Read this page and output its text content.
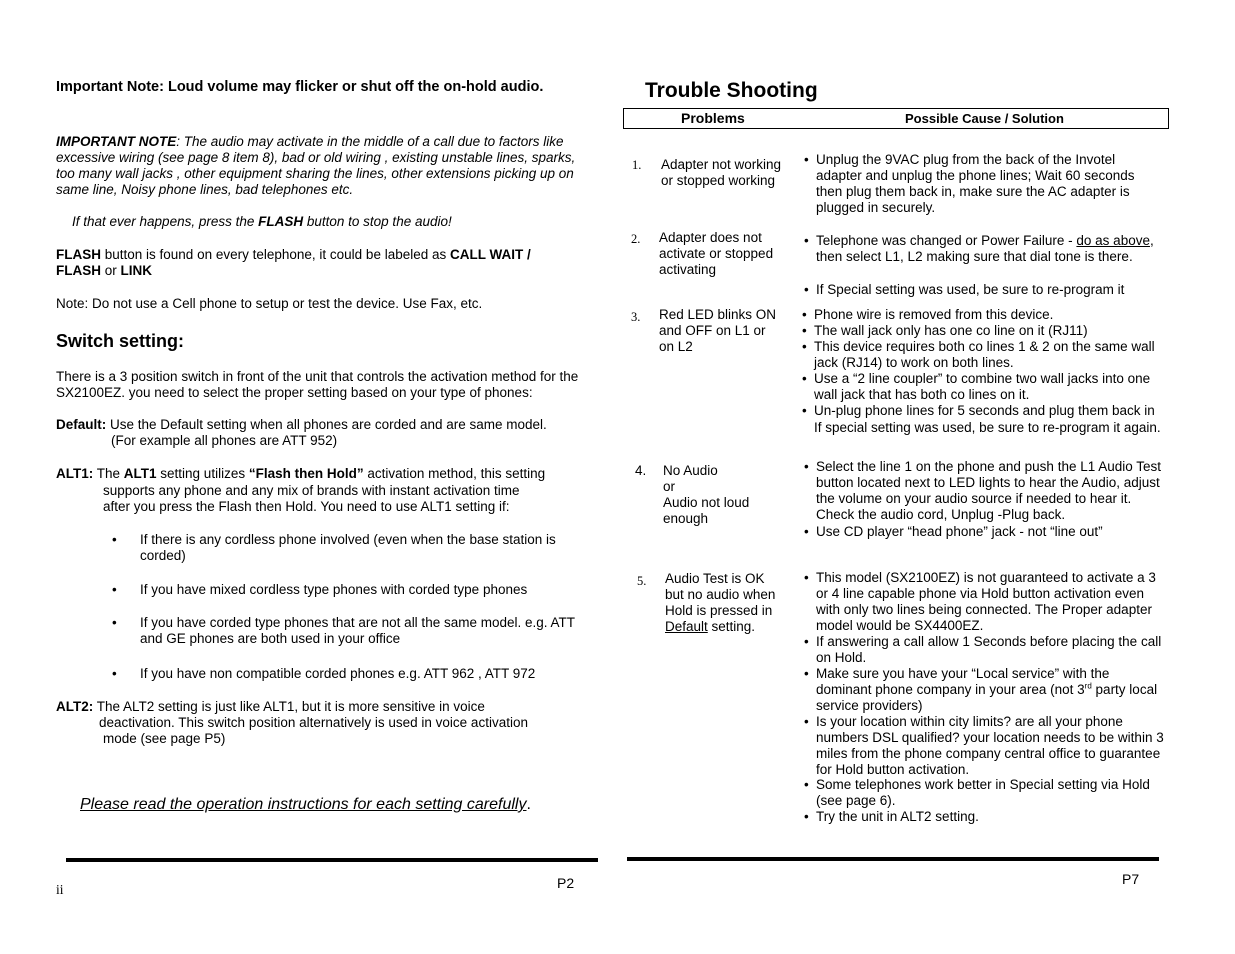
Important Note: Loud volume may flicker or shut off the on-hold audio.
IMPORTANT NOTE: The audio may activate in the middle of a call due to factors like excessive wiring (see page 8 item 8), bad or old wiring , existing unstable lines, sparks, too many wall jacks , other equipment sharing the lines, other extensions picking up on same line, Noisy phone lines, bad telephones etc.
If that ever happens, press the FLASH button to stop the audio!
FLASH button is found on every telephone, it could be labeled as CALL WAIT /
FLASH or LINK
Note: Do not use a Cell phone to setup or test the device. Use Fax, etc.
Switch setting:
There is a 3 position switch in front of the unit that controls the activation method for the SX2100EZ. you need to select the proper setting based on your type of phones:
Default: Use the Default setting when all phones are corded and are same model.
(For example all phones are ATT 952)
ALT1: The ALT1 setting utilizes “Flash then Hold” activation method, this setting
supports any phone and any mix of brands with instant activation time
after you press the Flash then Hold. You need to use ALT1 setting if:
• If there is any cordless phone involved (even when the base station is corded)
• If you have mixed cordless type phones with corded type phones
• If you have corded type phones that are not all the same model. e.g. ATT and GE phones are both used in your office
• If you have non compatible corded phones e.g. ATT 962 , ATT 972
ALT2: The ALT2 setting is just like ALT1, but it is more sensitive in voice
deactivation. This switch position alternatively is used in voice activation
mode (see page P5)
Please read the operation instructions for each setting carefully.
ii	P2
Trouble Shooting
Problems	Possible Cause / Solution
1. Adapter not working
or stopped working
• Unplug the 9VAC plug from the back of the Invotel adapter and unplug the phone lines; Wait 60 seconds then plug them back in, make sure the AC adapter is plugged in securely.
2. Adapter does not
activate or stopped
activating
• Telephone was changed or Power Failure - do as above, then select L1, L2 making sure that dial tone is there.
• If Special setting was used, be sure to re-program it
3. Red LED blinks ON
and OFF on L1 or
on L2
• Phone wire is removed from this device.
• The wall jack only has one co line on it (RJ11)
• This device requires both co lines 1 & 2 on the same wall jack (RJ14) to work on both lines.
• Use a “2 line coupler” to combine two wall jacks into one wall jack that has both co lines on it.
• Un-plug phone lines for 5 seconds and plug them back in
If special setting was used, be sure to re-program it again.
4. No Audio
or
Audio not loud
enough
• Select the line 1 on the phone and push the L1 Audio Test button located next to LED lights to hear the Audio, adjust the volume on your audio source if needed to hear it. Check the audio cord, Unplug -Plug back.
• Use CD player “head phone” jack - not “line out”
5. Audio Test is OK
but no audio when
Hold is pressed in
Default setting.
• This model (SX2100EZ) is not guaranteed to activate a 3 or 4 line capable phone via Hold button activation even with only two lines being connected. The Proper adapter model would be SX4400EZ.
• If answering a call allow 1 Seconds before placing the call on Hold.
• Make sure you have your “Local service” with the dominant phone company in your area (not 3rd party local service providers)
• Is your location within city limits? are all your phone numbers DSL qualified? your location needs to be within 3 miles from the phone company central office to guarantee for Hold button activation.
• Some telephones work better in Special setting via Hold (see page 6).
• Try the unit in ALT2 setting.
P7
